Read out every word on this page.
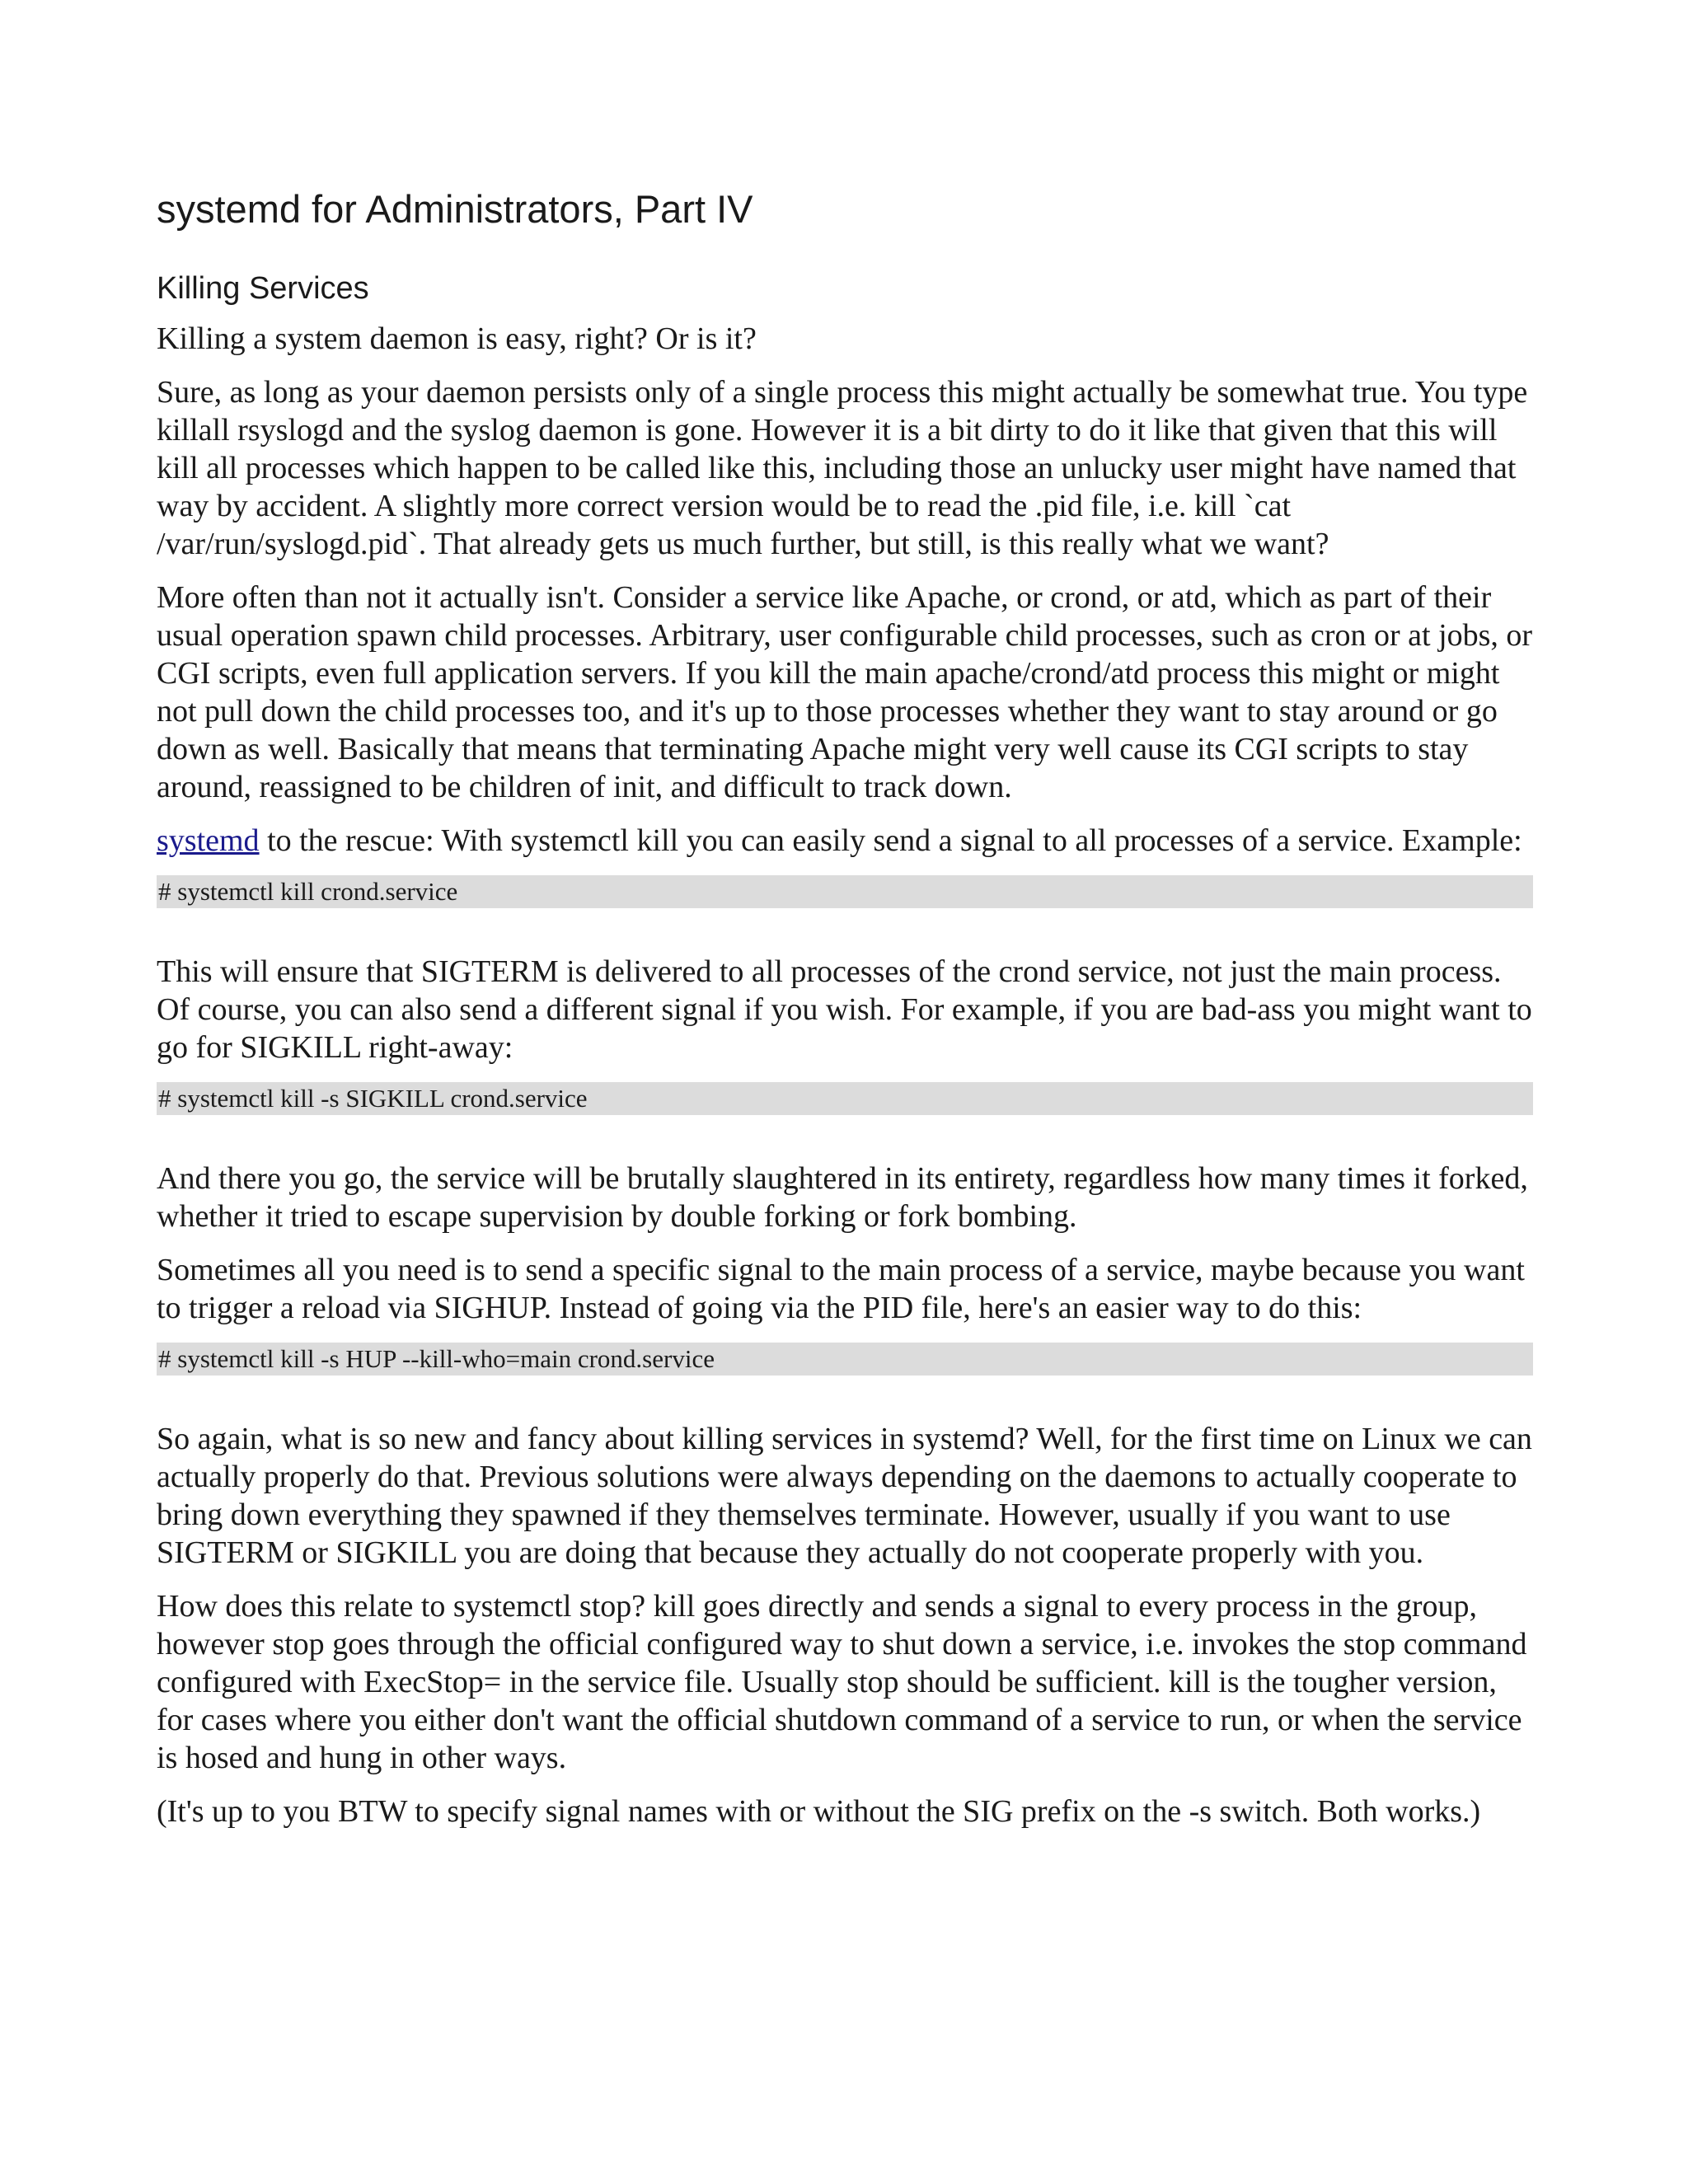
systemd for Administrators, Part IV
Killing Services

Killing a system daemon is easy, right? Or is it?

Sure, as long as your daemon persists only of a single process this might actually be somewhat true. You type killall rsyslogd and the syslog daemon is gone. However it is a bit dirty to do it like that given that this will kill all processes which happen to be called like this, including those an unlucky user might have named that way by accident. A slightly more correct version would be to read the .pid file, i.e. kill `cat /var/run/syslogd.pid`. That already gets us much further, but still, is this really what we want?

More often than not it actually isn't. Consider a service like Apache, or crond, or atd, which as part of their usual operation spawn child processes. Arbitrary, user configurable child processes, such as cron or at jobs, or CGI scripts, even full application servers. If you kill the main apache/crond/atd process this might or might not pull down the child processes too, and it's up to those processes whether they want to stay around or go down as well. Basically that means that terminating Apache might very well cause its CGI scripts to stay around, reassigned to be children of init, and difficult to track down.

systemd to the rescue: With systemctl kill you can easily send a signal to all processes of a service. Example:

# systemctl kill crond.service

This will ensure that SIGTERM is delivered to all processes of the crond service, not just the main process. Of course, you can also send a different signal if you wish. For example, if you are bad-ass you might want to go for SIGKILL right-away:

# systemctl kill -s SIGKILL crond.service

And there you go, the service will be brutally slaughtered in its entirety, regardless how many times it forked, whether it tried to escape supervision by double forking or fork bombing.

Sometimes all you need is to send a specific signal to the main process of a service, maybe because you want to trigger a reload via SIGHUP. Instead of going via the PID file, here's an easier way to do this:

# systemctl kill -s HUP --kill-who=main crond.service

So again, what is so new and fancy about killing services in systemd? Well, for the first time on Linux we can actually properly do that. Previous solutions were always depending on the daemons to actually cooperate to bring down everything they spawned if they themselves terminate. However, usually if you want to use SIGTERM or SIGKILL you are doing that because they actually do not cooperate properly with you.

How does this relate to systemctl stop? kill goes directly and sends a signal to every process in the group, however stop goes through the official configured way to shut down a service, i.e. invokes the stop command configured with ExecStop= in the service file. Usually stop should be sufficient. kill is the tougher version, for cases where you either don't want the official shutdown command of a service to run, or when the service is hosed and hung in other ways.

(It's up to you BTW to specify signal names with or without the SIG prefix on the -s switch. Both works.)
